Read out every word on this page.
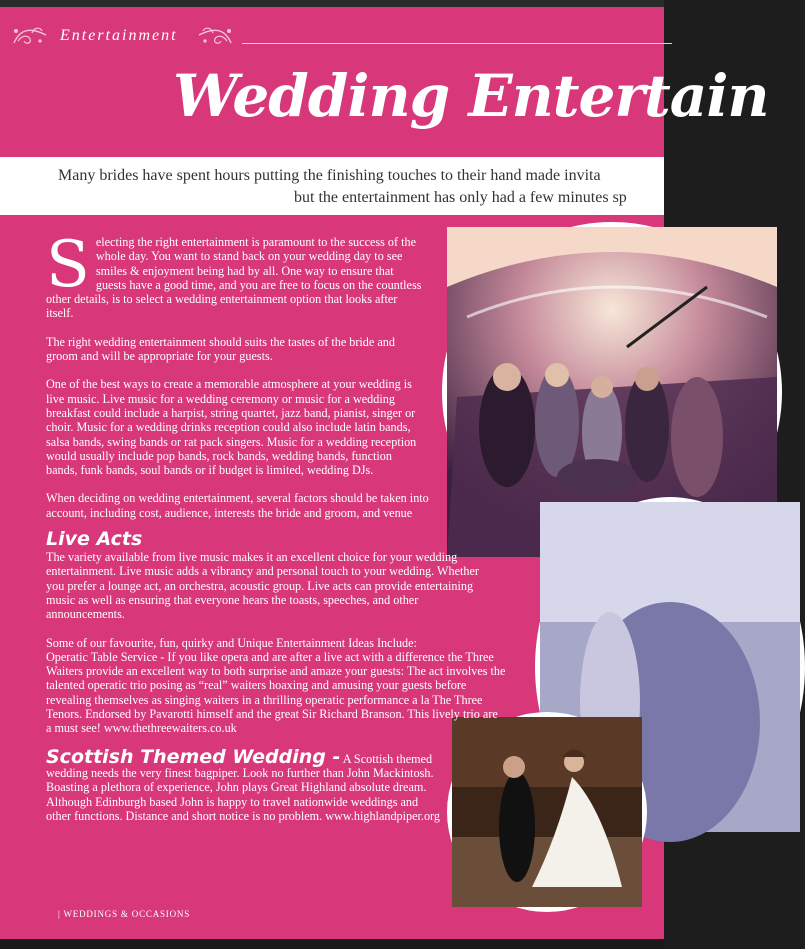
Entertainment
Wedding Entertain
Many brides have spent hours putting the finishing touches to their hand made invita
but the entertainment has only had a few minutes sp

Selecting the right entertainment is paramount to the success of the whole day. You want to stand back on your wedding day to see smiles & enjoyment being had by all. One way to ensure that guests have a good time, and you are free to focus on the countless other details, is to select a wedding entertainment option that looks after itself.

The right wedding entertainment should suits the tastes of the bride and groom and will be appropriate for your guests.

One of the best ways to create a memorable atmosphere at your wedding is live music. Live music for a wedding ceremony or music for a wedding breakfast could include a harpist, string quartet, jazz band, pianist, singer or choir. Music for a wedding drinks reception could also include latin bands, salsa bands, swing bands or rat pack singers. Music for a wedding reception would usually include pop bands, rock bands, wedding bands, function bands, funk bands, soul bands or if budget is limited, wedding DJs.

When deciding on wedding entertainment, several factors should be taken into account, including cost, audience, interests the bride and groom, and venue

Live Acts
The variety available from live music makes it an excellent choice for your wedding entertainment. Live music adds a vibrancy and personal touch to your wedding. Whether you prefer a lounge act, an orchestra, acoustic group. Live acts can provide entertaining music as well as ensuring that everyone hears the toasts, speeches, and other announcements.

Some of our favourite, fun, quirky and Unique Entertainment Ideas Include:

Operatic Table Service - If you like opera and are after a live act with a difference the Three Waiters provide an excellent way to both surprise and amaze your guests: The act involves the talented operatic trio posing as “real” waiters hoaxing and amusing your guests before revealing themselves as singing waiters in a thrilling operatic performance a la The Three Tenors. Endorsed by Pavarotti himself and the great Sir Richard Branson. This lively trio are a must see! www.thethreewaiters.co.uk

Scottish Themed Wedding - A Scottish themed wedding needs the very finest bagpiper. Look no further than John Mackintosh. Boasting a plethora of experience, John plays Great Highland absolute dream. Although Edinburgh based John is happy to travel nationwide weddings and other functions. Distance and short notice is no problem. www.highlandpiper.org

| WEDDINGS & OCCASIONS
